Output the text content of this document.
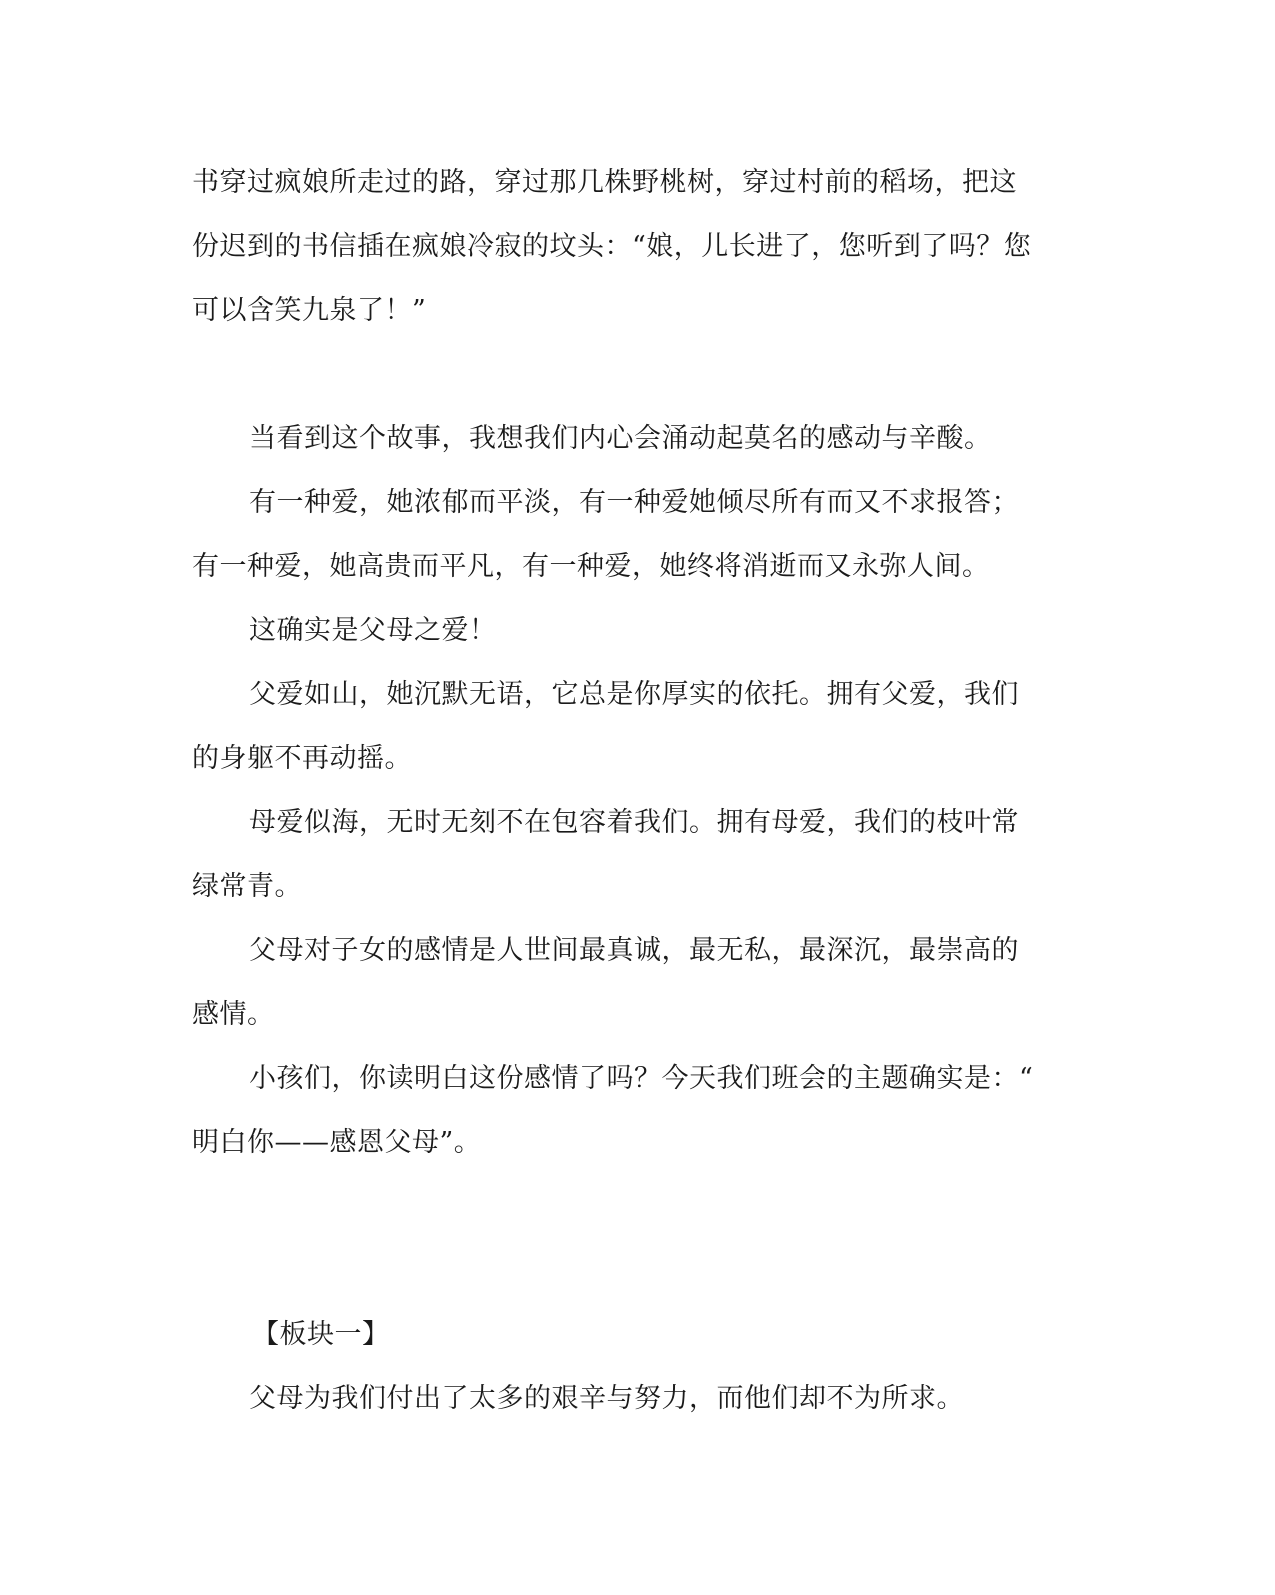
书穿过疯娘所走过的路，穿过那几株野桃树，穿过村前的稻场，把这
份迟到的书信插在疯娘冷寂的坟头：“娘，儿长进了，您听到了吗？您
可以含笑九泉了！”
当看到这个故事，我想我们内心会涌动起莫名的感动与辛酸。
有一种爱，她浓郁而平淡，有一种爱她倾尽所有而又不求报答；
有一种爱，她高贵而平凡，有一种爱，她终将消逝而又永弥人间。
这确实是父母之爱！
父爱如山，她沉默无语，它总是你厚实的依托。拥有父爱，我们
的身躯不再动摇。
母爱似海，无时无刻不在包容着我们。拥有母爱，我们的枝叶常
绿常青。
父母对子女的感情是人世间最真诚，最无私，最深沉，最崇高的
感情。
小孩们，你读明白这份感情了吗？今天我们班会的主题确实是：“
明白你——感恩父母”。
【板块一】
父母为我们付出了太多的艰辛与努力，而他们却不为所求。
